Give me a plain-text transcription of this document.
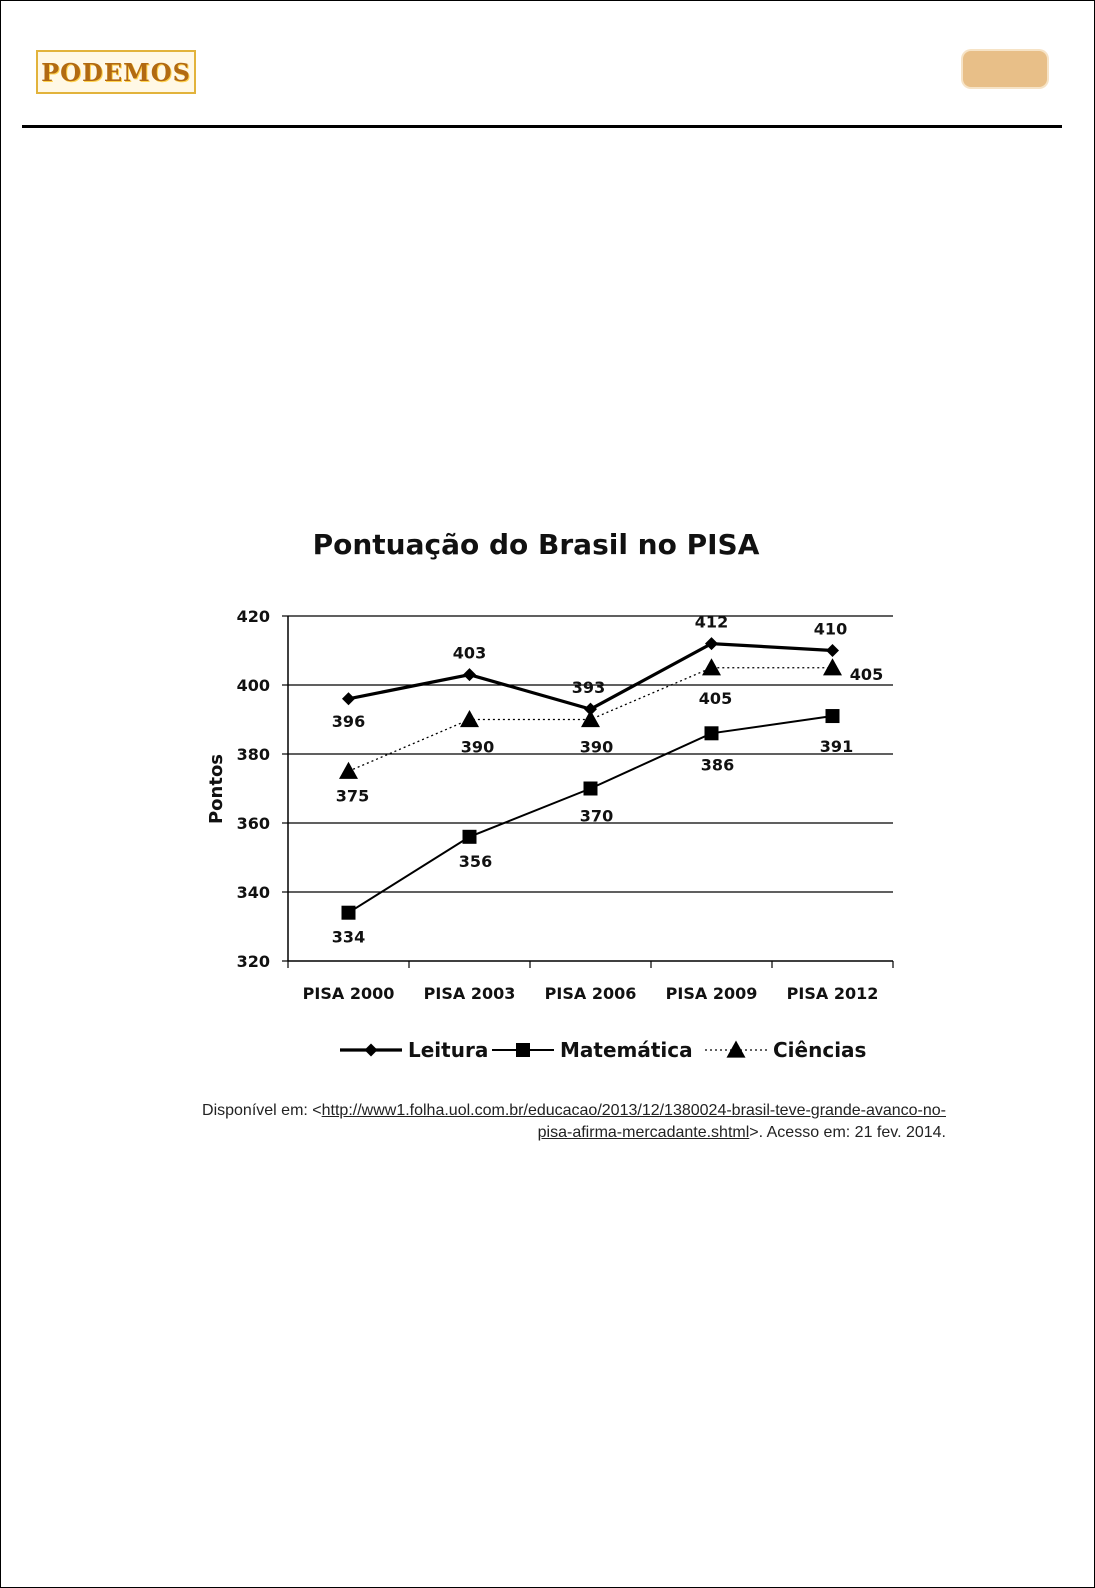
PODEMOS
Pontuação do Brasil no PISA
Pontos
320
340
360
380
400
420
PISA 2000 PISA 2003 PISA 2006 PISA 2009 PISA 2012
396
403
393
412	410
334
356
370
386
391
375
390	390
405
405
Leitura	Matemática	Ciências
Disponível em: <http://www1.folha.uol.com.br/educacao/2013/12/1380024-brasil-teve-grande-avanco-no-
pisa-afirma-mercadante.shtml>. Acesso em: 21 fev. 2014.
